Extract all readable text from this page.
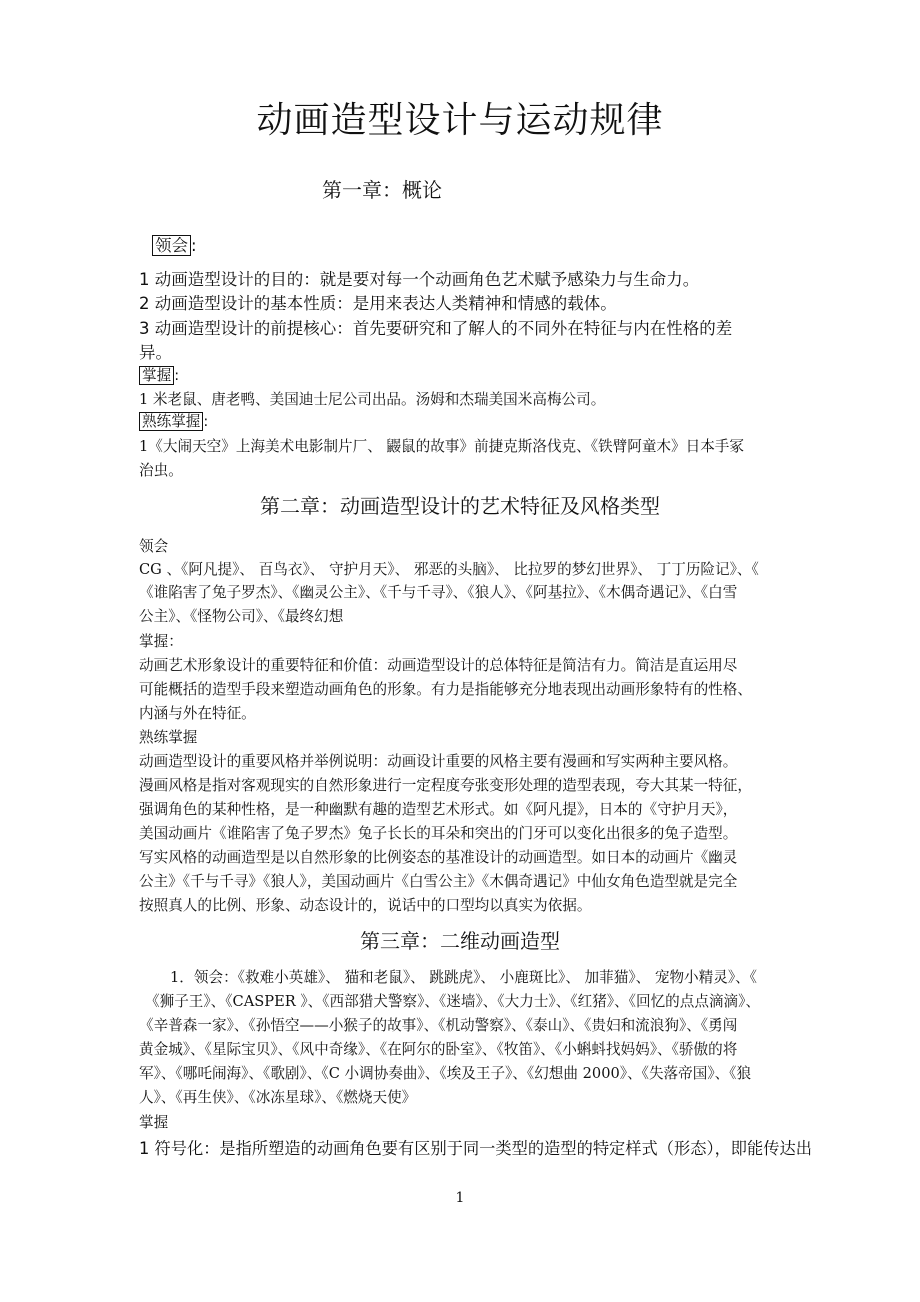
动画造型设计与运动规律
第一章：概论
领会 :
1 动画造型设计的目的：就是要对每一个动画角色艺术赋予感染力与生命力。
2 动画造型设计的基本性质：是用来表达人类精神和情感的载体。
3 动画造型设计的前提核心：首先要研究和了解人的不同外在特征与内在性格的差
异。
掌握 :
1 米老鼠、唐老鸭、美国迪士尼公司出品。汤姆和杰瑞美国米高梅公司。
熟练掌握 :
1《大闹天空》上海美术电影制片厂、 鼹鼠的故事》前捷克斯洛伐克、《铁臂阿童木》日本手冢
治虫。
第二章：动画造型设计的艺术特征及风格类型
领会
CG 、《阿凡提》、 百鸟衣》、 守护月天》、 邪恶的头脑》、 比拉罗的梦幻世界》、 丁丁历险记》、《
《谁陷害了兔子罗杰》、《幽灵公主》、《千与千寻》、《狼人》、《阿基拉》、《木偶奇遇记》、《白雪
公主》、《怪物公司》、《最终幻想
掌握：
动画艺术形象设计的重要特征和价值：动画造型设计的总体特征是简洁有力。简洁是直运用尽
可能概括的造型手段来塑造动画角色的形象。有力是指能够充分地表现出动画形象特有的性格、
内涵与外在特征。
熟练掌握
动画造型设计的重要风格并举例说明：动画设计重要的风格主要有漫画和写实两种主要风格。
漫画风格是指对客观现实的自然形象进行一定程度夸张变形处理的造型表现，夸大其某一特征，
强调角色的某种性格，是一种幽默有趣的造型艺术形式。如《阿凡提》，日本的《守护月天》，
美国动画片《谁陷害了兔子罗杰》兔子长长的耳朵和突出的门牙可以变化出很多的兔子造型。
写实风格的动画造型是以自然形象的比例姿态的基准设计的动画造型。如日本的动画片《幽灵
公主》《千与千寻》《狼人》，美国动画片《白雪公主》《木偶奇遇记》中仙女角色造型就是完全
按照真人的比例、形象、动态设计的，说话中的口型均以真实为依据。
第三章：二维动画造型
1．领会：《救难小英雄》、 猫和老鼠》、 跳跳虎》、 小鹿斑比》、 加菲猫》、 宠物小精灵》、《
《狮子王》、《CASPER 》、《西部猎犬警察》、《迷墙》、《大力士》、《红猪》、《回忆的点点滴滴》、
《辛普森一家》、《孙悟空——小猴子的故事》、《机动警察》、《泰山》、《贵妇和流浪狗》、《勇闯
黄金城》、《星际宝贝》、《风中奇缘》、《在阿尔的卧室》、《牧笛》、《小蝌蚪找妈妈》、《骄傲的将
军》、《哪吒闹海》、《歌剧》、《C 小调协奏曲》、《埃及王子》、《幻想曲 2000》、《失落帝国》、《狼
人》、《再生侠》、《冰冻星球》、《燃烧天使》
掌握
1 符号化：是指所塑造的动画角色要有区别于同一类型的造型的特定样式（形态），即能传达出
1
